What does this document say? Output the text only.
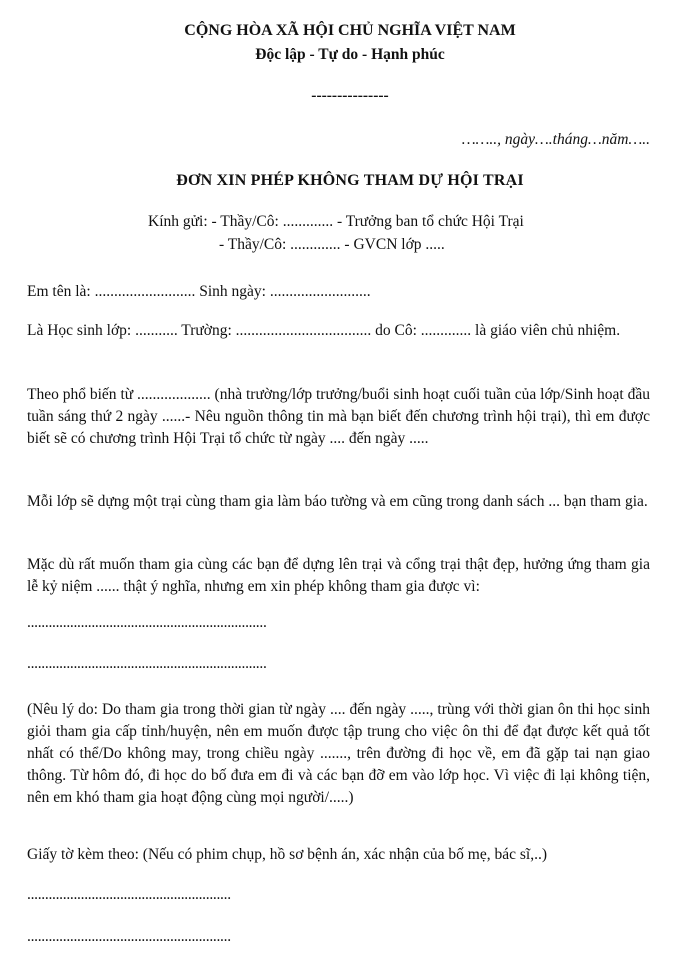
CỘNG HÒA XÃ HỘI CHỦ NGHĨA VIỆT NAM
Độc lập - Tự do - Hạnh phúc
---------------
…….., ngày….tháng…năm…..
ĐƠN XIN PHÉP KHÔNG THAM DỰ HỘI TRẠI
Kính gửi: - Thầy/Cô: ............. - Trưởng ban tổ chức Hội Trại
- Thầy/Cô: ............. - GVCN lớp .....
Em tên là: .......................... Sinh ngày: ..........................
Là Học sinh lớp: ........... Trường: ................................... do Cô: ............. là giáo viên chủ nhiệm.
Theo phổ biến từ ................... (nhà trường/lớp trưởng/buổi sinh hoạt cuối tuần của lớp/Sinh hoạt đầu tuần sáng thứ 2 ngày ......- Nêu nguồn thông tin mà bạn biết đến chương trình hội trại), thì em được biết sẽ có chương trình Hội Trại tổ chức từ ngày .... đến ngày .....
Mỗi lớp sẽ dựng một trại cùng tham gia làm báo tường và em cũng trong danh sách ... bạn tham gia.
Mặc dù rất muốn tham gia cùng các bạn để dựng lên trại và cổng trại thật đẹp, hưởng ứng tham gia lễ kỷ niệm ...... thật ý nghĩa, nhưng em xin phép không tham gia được vì:
...................................................................
...................................................................
(Nêu lý do: Do tham gia trong thời gian từ ngày .... đến ngày ....., trùng với thời gian ôn thi học sinh giỏi tham gia cấp tỉnh/huyện, nên em muốn được tập trung cho việc ôn thi để đạt được kết quả tốt nhất có thể/Do không may, trong chiều ngày ......., trên đường đi học về, em đã gặp tai nạn giao thông. Từ hôm đó, đi học do bố đưa em đi và các bạn đỡ em vào lớp học. Vì việc đi lại không tiện, nên em khó tham gia hoạt động cùng mọi người/.....)
Giấy tờ kèm theo: (Nếu có phim chụp, hồ sơ bệnh án, xác nhận của bố mẹ, bác sĩ,..)
.........................................................
.........................................................
